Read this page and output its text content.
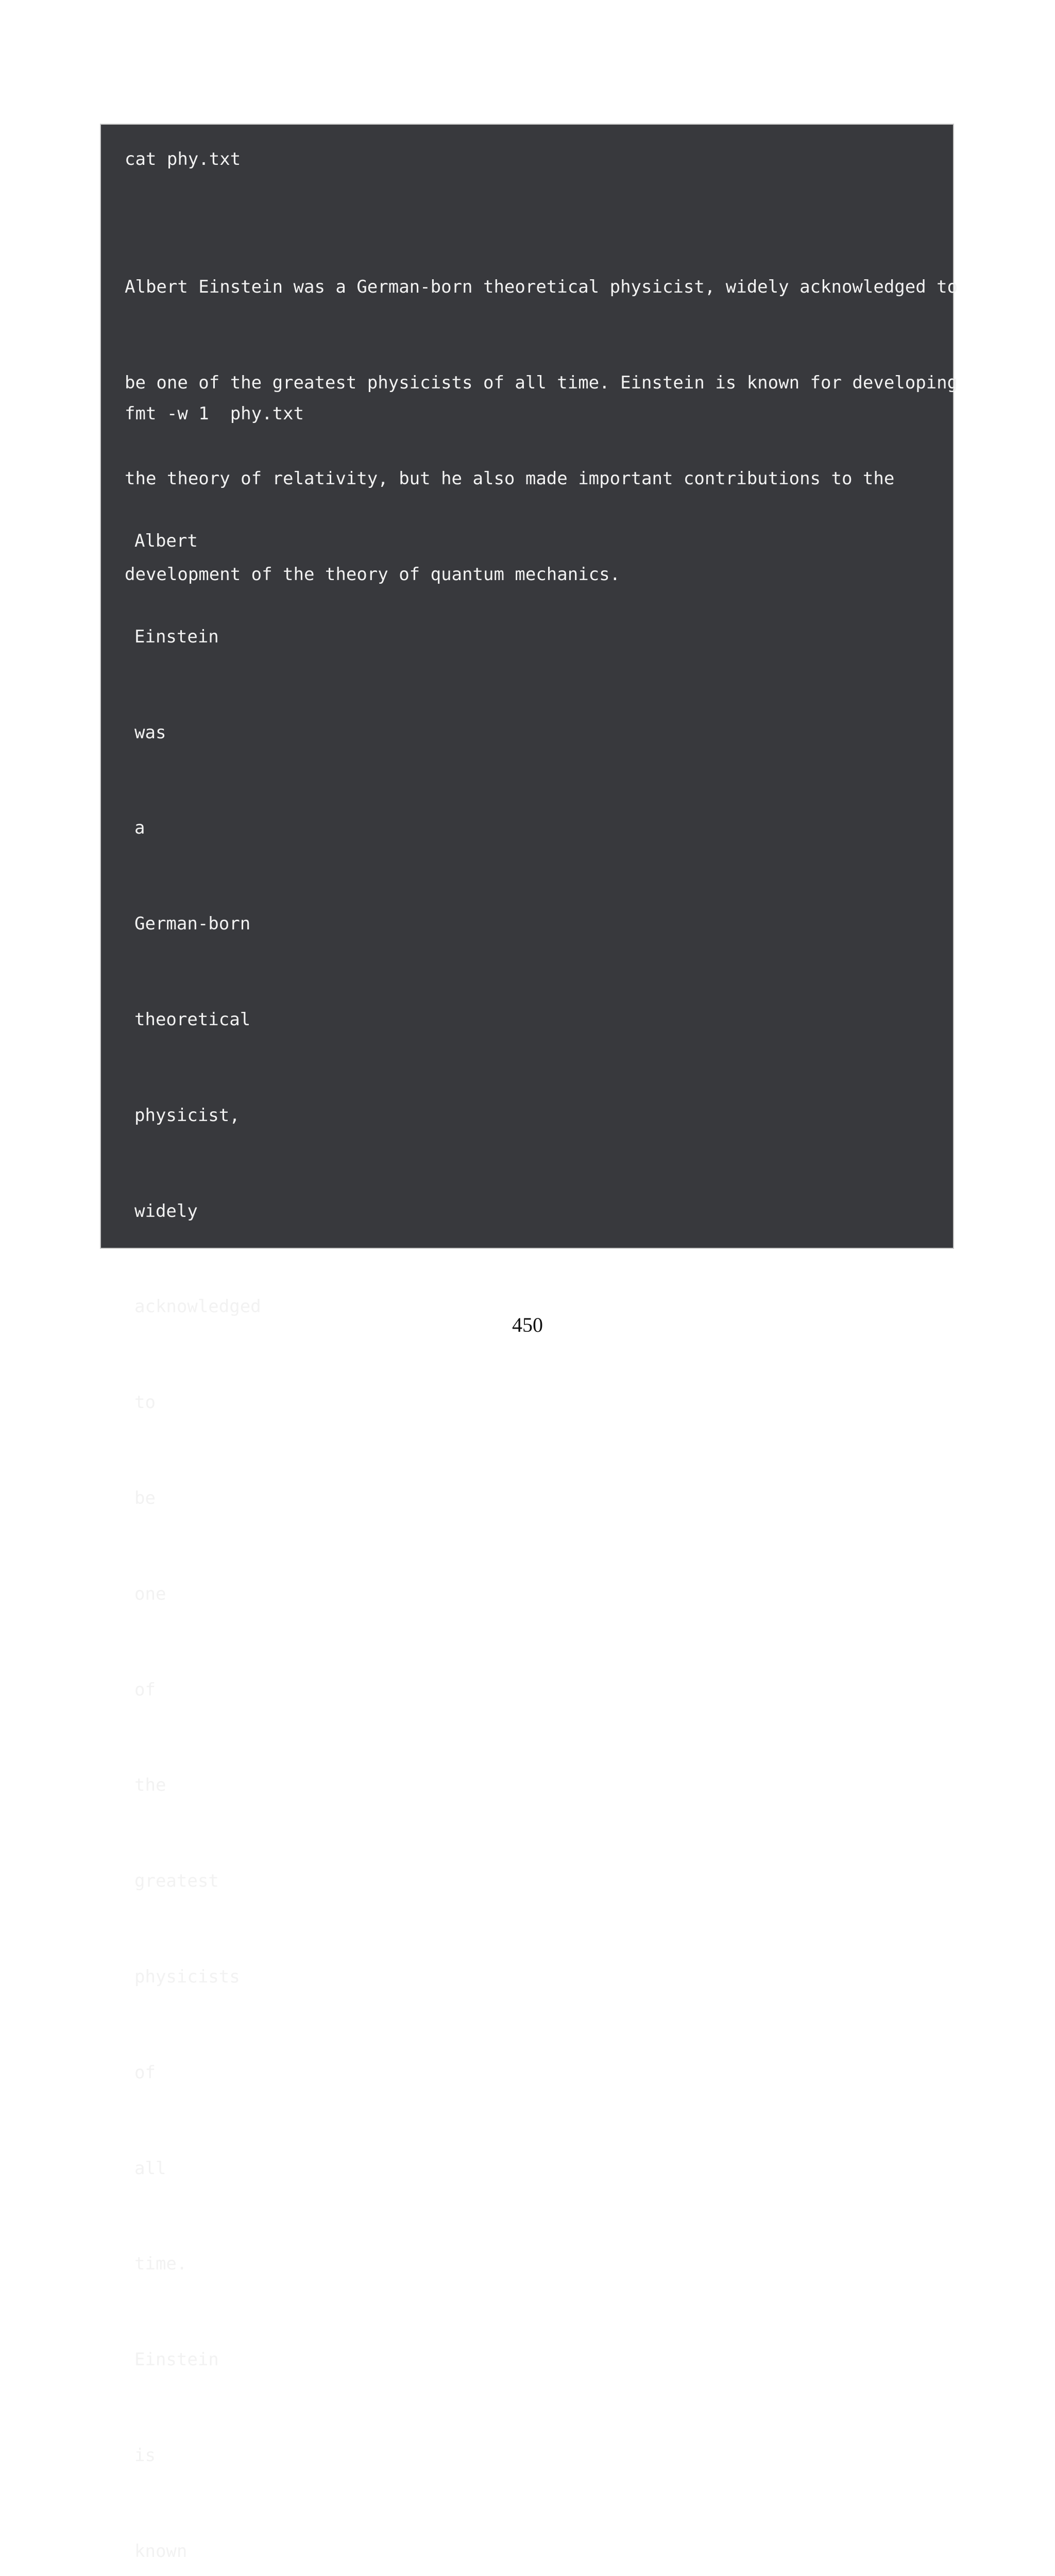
cat phy.txt

Albert Einstein was a German-born theoretical physicist, widely acknowledged to

be one of the greatest physicists of all time. Einstein is known for developing

the theory of relativity, but he also made important contributions to the

development of the theory of quantum mechanics.

fmt -w 1  phy.txt

Albert

Einstein

was

a

German-born

theoretical

physicist,

widely

acknowledged

to

be

one

of

the

greatest

physicists

of

all

time.

Einstein

is

known

450
